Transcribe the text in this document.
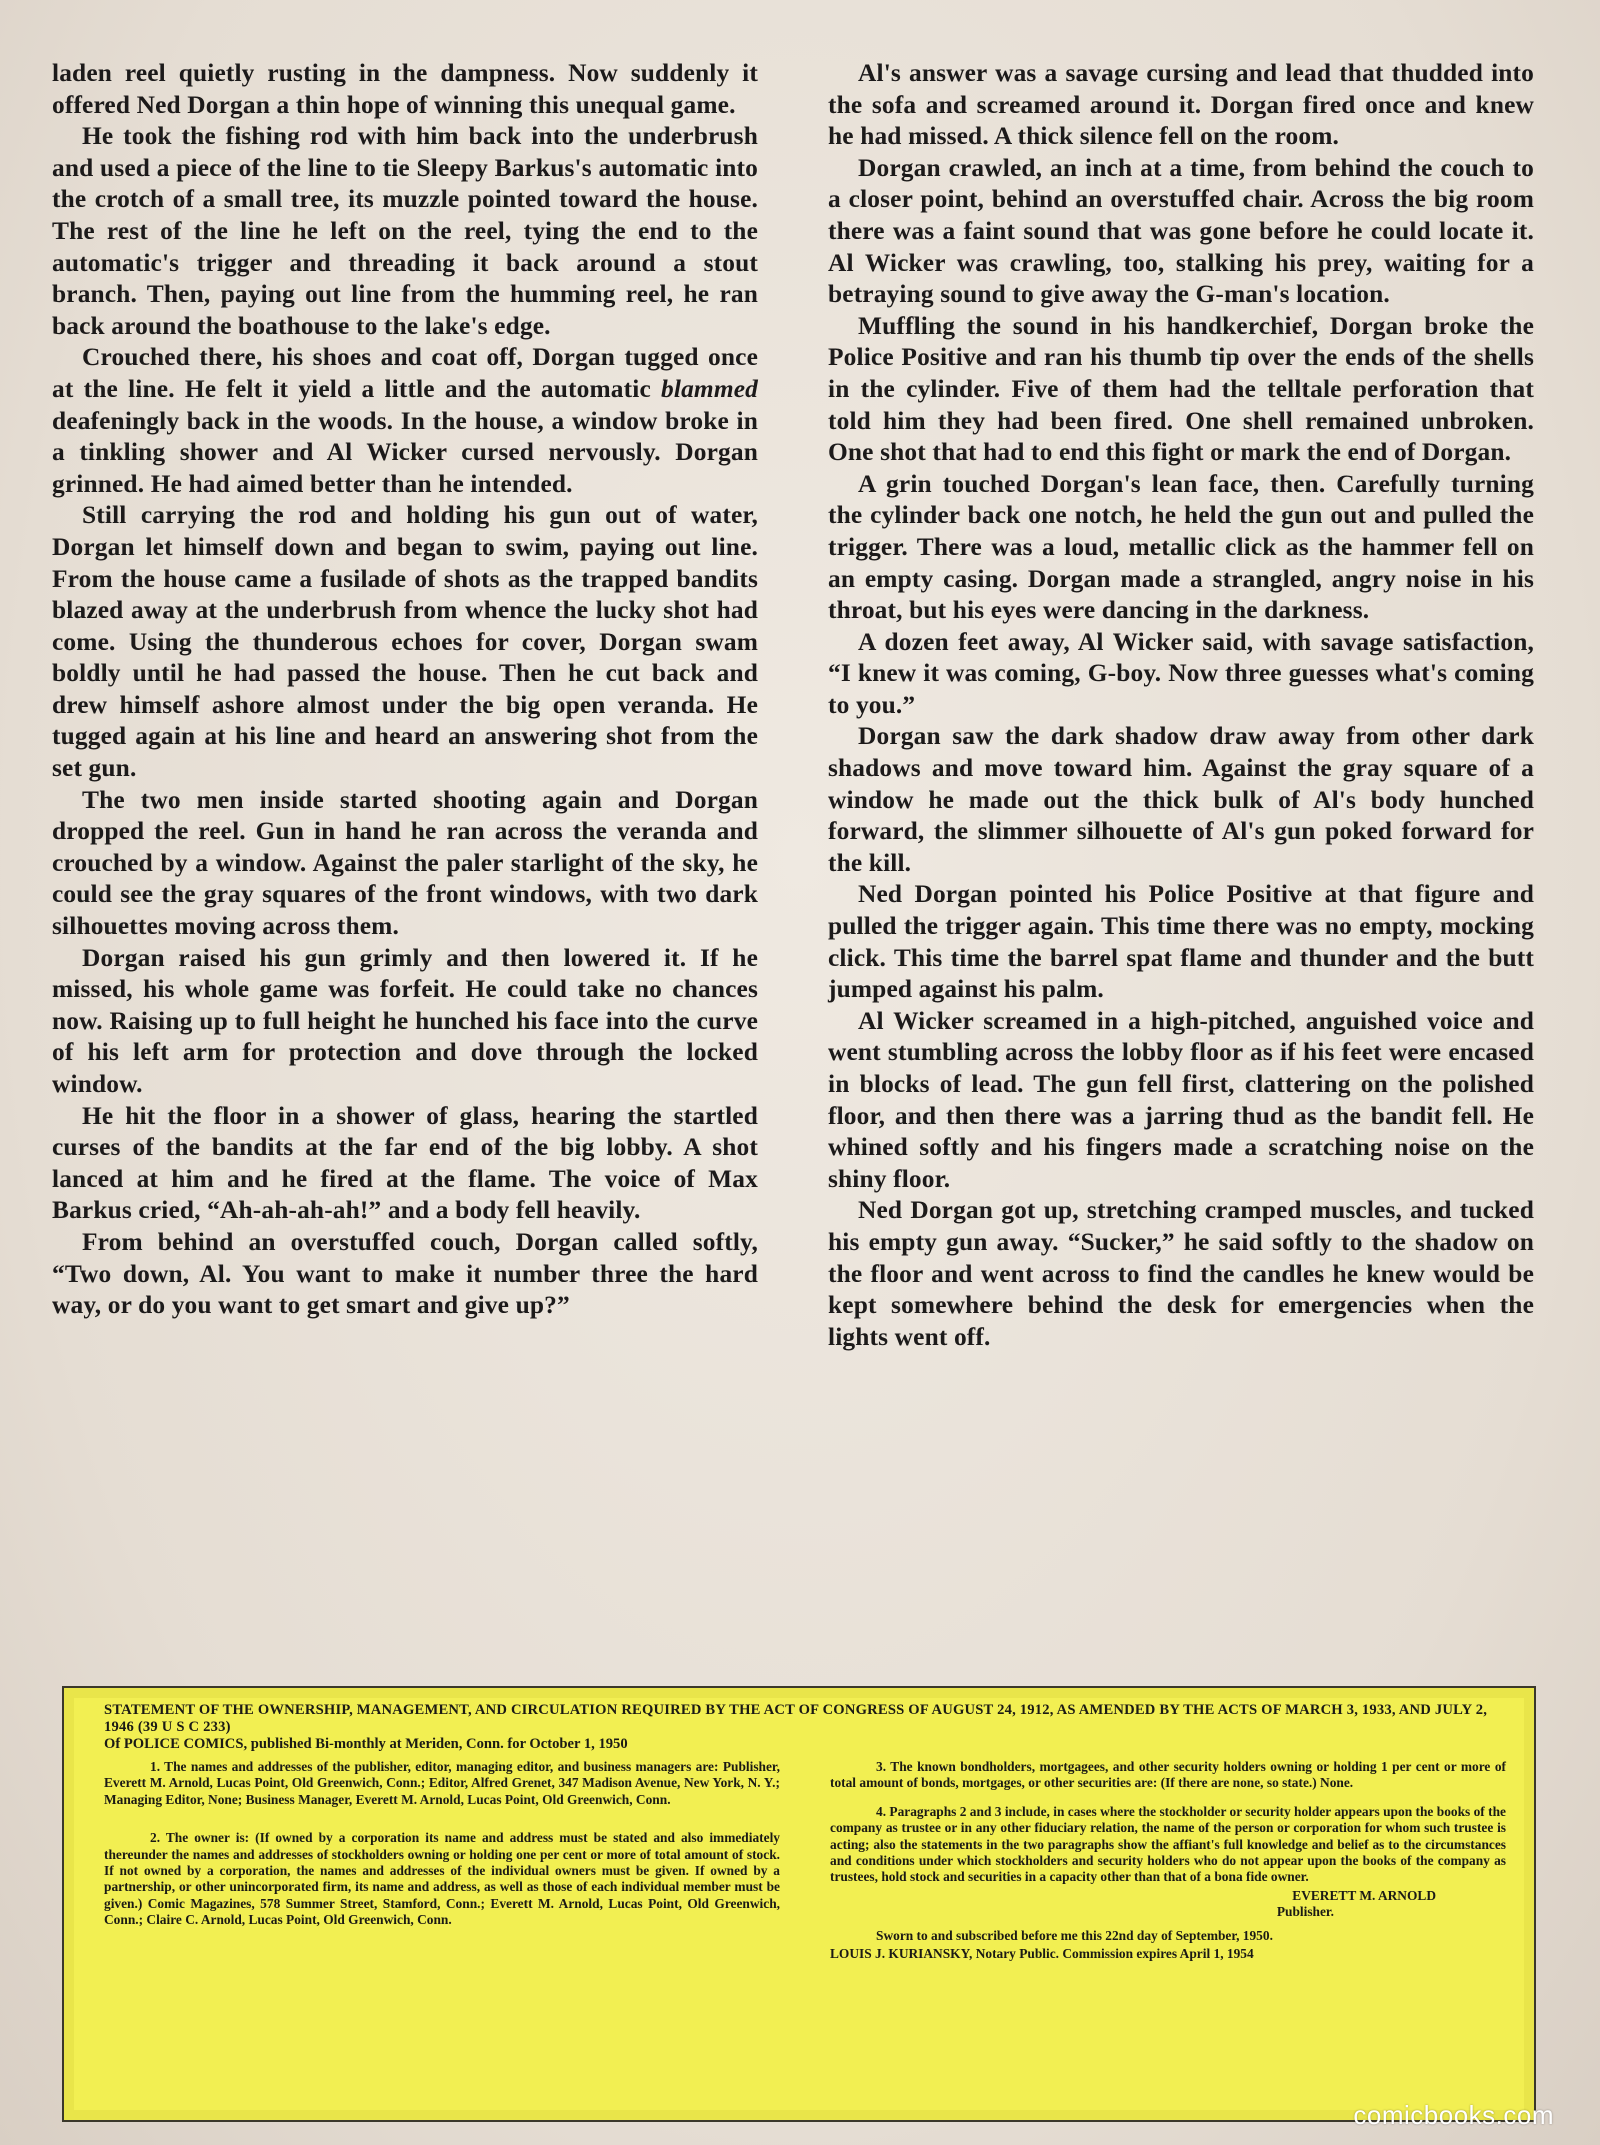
laden reel quietly rusting in the dampness. Now suddenly it offered Ned Dorgan a thin hope of winning this unequal game.

He took the fishing rod with him back into the underbrush and used a piece of the line to tie Sleepy Barkus's automatic into the crotch of a small tree, its muzzle pointed toward the house. The rest of the line he left on the reel, tying the end to the automatic's trigger and threading it back around a stout branch. Then, paying out line from the humming reel, he ran back around the boathouse to the lake's edge.

Crouched there, his shoes and coat off, Dorgan tugged once at the line. He felt it yield a little and the automatic blammed deafeningly back in the woods. In the house, a window broke in a tinkling shower and Al Wicker cursed nervously. Dorgan grinned. He had aimed better than he intended.

Still carrying the rod and holding his gun out of water, Dorgan let himself down and began to swim, paying out line. From the house came a fusilade of shots as the trapped bandits blazed away at the underbrush from whence the lucky shot had come. Using the thunderous echoes for cover, Dorgan swam boldly until he had passed the house. Then he cut back and drew himself ashore almost under the big open veranda. He tugged again at his line and heard an answering shot from the set gun.

The two men inside started shooting again and Dorgan dropped the reel. Gun in hand he ran across the veranda and crouched by a window. Against the paler starlight of the sky, he could see the gray squares of the front windows, with two dark silhouettes moving across them.

Dorgan raised his gun grimly and then lowered it. If he missed, his whole game was forfeit. He could take no chances now. Raising up to full height he hunched his face into the curve of his left arm for protection and dove through the locked window.

He hit the floor in a shower of glass, hearing the startled curses of the bandits at the far end of the big lobby. A shot lanced at him and he fired at the flame. The voice of Max Barkus cried, “Ah-ah-ah-ah!” and a body fell heavily.

From behind an overstuffed couch, Dorgan called softly, “Two down, Al. You want to make it number three the hard way, or do you want to get smart and give up?”

Al's answer was a savage cursing and lead that thudded into the sofa and screamed around it. Dorgan fired once and knew he had missed. A thick silence fell on the room.

Dorgan crawled, an inch at a time, from behind the couch to a closer point, behind an overstuffed chair. Across the big room there was a faint sound that was gone before he could locate it. Al Wicker was crawling, too, stalking his prey, waiting for a betraying sound to give away the G-man's location.

Muffling the sound in his handkerchief, Dorgan broke the Police Positive and ran his thumb tip over the ends of the shells in the cylinder. Five of them had the telltale perforation that told him they had been fired. One shell remained unbroken. One shot that had to end this fight or mark the end of Dorgan.

A grin touched Dorgan's lean face, then. Carefully turning the cylinder back one notch, he held the gun out and pulled the trigger. There was a loud, metallic click as the hammer fell on an empty casing. Dorgan made a strangled, angry noise in his throat, but his eyes were dancing in the darkness.

A dozen feet away, Al Wicker said, with savage satisfaction, “I knew it was coming, G-boy. Now three guesses what's coming to you.”

Dorgan saw the dark shadow draw away from other dark shadows and move toward him. Against the gray square of a window he made out the thick bulk of Al's body hunched forward, the slimmer silhouette of Al's gun poked forward for the kill.

Ned Dorgan pointed his Police Positive at that figure and pulled the trigger again. This time there was no empty, mocking click. This time the barrel spat flame and thunder and the butt jumped against his palm.

Al Wicker screamed in a high-pitched, anguished voice and went stumbling across the lobby floor as if his feet were encased in blocks of lead. The gun fell first, clattering on the polished floor, and then there was a jarring thud as the bandit fell. He whined softly and his fingers made a scratching noise on the shiny floor.

Ned Dorgan got up, stretching cramped muscles, and tucked his empty gun away. “Sucker,” he said softly to the shadow on the floor and went across to find the candles he knew would be kept somewhere behind the desk for emergencies when the lights went off.

STATEMENT OF THE OWNERSHIP, MANAGEMENT, AND CIRCULATION REQUIRED BY THE ACT OF CONGRESS OF AUGUST 24, 1912, AS AMENDED BY THE ACTS OF MARCH 3, 1933, AND JULY 2, 1946 (39 U S C 233)
Of POLICE COMICS, published Bi-monthly at Meriden, Conn. for October 1, 1950

1. The names and addresses of the publisher, editor, managing editor, and business managers are: Publisher, Everett M. Arnold, Lucas Point, Old Greenwich, Conn.; Editor, Alfred Grenet, 347 Madison Avenue, New York, N. Y.; Managing Editor, None; Business Manager, Everett M. Arnold, Lucas Point, Old Greenwich, Conn.

2. The owner is: (If owned by a corporation its name and address must be stated and also immediately thereunder the names and addresses of stockholders owning or holding one per cent or more of total amount of stock. If not owned by a corporation, the names and addresses of the individual owners must be given. If owned by a partnership, or other unincorporated firm, its name and address, as well as those of each individual member must be given.) Comic Magazines, 578 Summer Street, Stamford, Conn.; Everett M. Arnold, Lucas Point, Old Greenwich, Conn.; Claire C. Arnold, Lucas Point, Old Greenwich, Conn.

3. The known bondholders, mortgagees, and other security holders owning or holding 1 per cent or more of total amount of bonds, mortgages, or other securities are: (If there are none, so state.) None.

4. Paragraphs 2 and 3 include, in cases where the stockholder or security holder appears upon the books of the company as trustee or in any other fiduciary relation, the name of the person or corporation for whom such trustee is acting; also the statements in the two paragraphs show the affiant's full knowledge and belief as to the circumstances and conditions under which stockholders and security holders who do not appear upon the books of the company as trustees, hold stock and securities in a capacity other than that of a bona fide owner.

EVERETT M. ARNOLD
Publisher.

Sworn to and subscribed before me this 22nd day of September, 1950.

LOUIS J. KURIANSKY, Notary Public. Commission expires April 1, 1954

comicbooks.com
